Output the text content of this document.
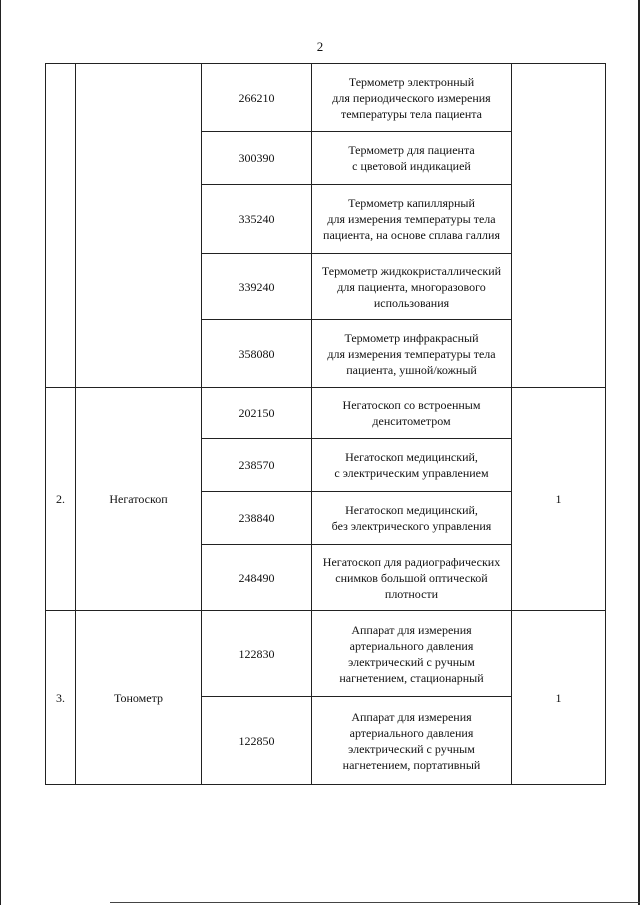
2
		266210	Термометр электронный
для периодического измерения
температуры тела пациента	
		300390	Термометр для пациента
с цветовой индикацией	
		335240	Термометр капиллярный
для измерения температуры тела
пациента, на основе сплава галлия	
		339240	Термометр жидкокристаллический
для пациента, многоразового
использования	
		358080	Термометр инфракрасный
для измерения температуры тела
пациента, ушной/кожный	
2.	Негатоскоп	202150	Негатоскоп со встроенным
денситометром	1
		238570	Негатоскоп медицинский,
с электрическим управлением	
		238840	Негатоскоп медицинский,
без электрического управления	
		248490	Негатоскоп для радиографических
снимков большой оптической
плотности	
3.	Тонометр	122830	Аппарат для измерения
артериального давления
электрический с ручным
нагнетением, стационарный	1
		122850	Аппарат для измерения
артериального давления
электрический с ручным
нагнетением, портативный	
